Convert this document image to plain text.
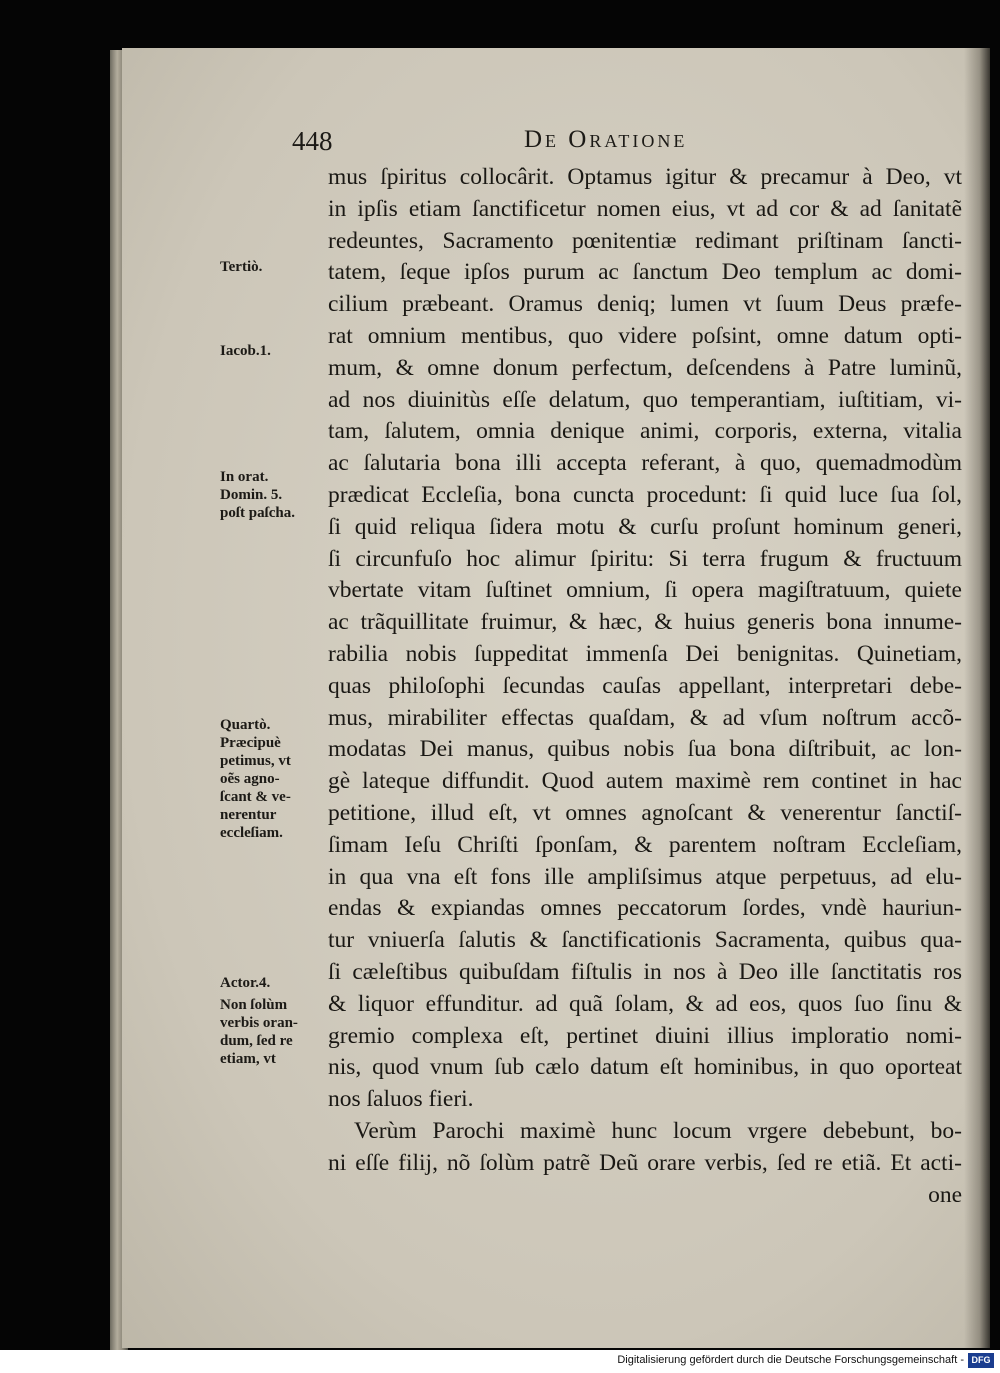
448	De Oratione
Tertiò.
Iacob.1.
In orat.
Domin. 5.
poſt paſcha.
Quartò.
Præcipuè
petimus, vt
oẽs agno-
ſcant & ve-
nerentur
eccleſiam.
Actor.4.
Non ſolùm
verbis oran-
dum, ſed re
etiam, vt
mus ſpiritus collocârit. Optamus igitur & precamur à Deo, vt
in ipſis etiam ſanctificetur nomen eius, vt ad cor & ad ſanitatẽ
redeuntes, Sacramento pœnitentiæ redimant priſtinam ſancti-
tatem, ſeque ipſos purum ac ſanctum Deo templum ac domi-
cilium præbeant. Oramus deniq; lumen vt ſuum Deus præfe-
rat omnium mentibus, quo videre poſsint, omne datum opti-
mum, & omne donum perfectum, deſcendens à Patre luminũ,
ad nos diuinitùs eſſe delatum, quo temperantiam, iuſtitiam, vi-
tam, ſalutem, omnia denique animi, corporis, externa, vitalia
ac ſalutaria bona illi accepta referant, à quo, quemadmodùm
prædicat Eccleſia, bona cuncta procedunt: ſi quid luce ſua ſol,
ſi quid reliqua ſidera motu & curſu proſunt hominum generi,
ſi circunfuſo hoc alimur ſpiritu: Si terra frugum & fructuum
vbertate vitam ſuſtinet omnium, ſi opera magiſtratuum, quiete
ac trãquillitate fruimur, & hæc, & huius generis bona innume-
rabilia nobis ſuppeditat immenſa Dei benignitas. Quinetiam,
quas philoſophi ſecundas cauſas appellant, interpretari debe-
mus, mirabiliter effectas quaſdam, & ad vſum noſtrum accõ-
modatas Dei manus, quibus nobis ſua bona diſtribuit, ac lon-
gè lateque diffundit. Quod autem maximè rem continet in hac
petitione, illud eſt, vt omnes agnoſcant & venerentur ſanctiſ-
ſimam Ieſu Chriſti ſponſam, & parentem noſtram Eccleſiam,
in qua vna eſt fons ille ampliſsimus atque perpetuus, ad elu-
endas & expiandas omnes peccatorum ſordes, vndè hauriun-
tur vniuerſa ſalutis & ſanctificationis Sacramenta, quibus qua-
ſi cæleſtibus quibuſdam fiſtulis in nos à Deo ille ſanctitatis ros
& liquor effunditur. ad quã ſolam, & ad eos, quos ſuo ſinu &
gremio complexa eſt, pertinet diuini illius imploratio nomi-
nis, quod vnum ſub cælo datum eſt hominibus, in quo oporteat
nos ſaluos fieri.
Verùm Parochi maximè hunc locum vrgere debebunt, bo-
ni eſſe filij, nõ ſolùm patrẽ Deũ orare verbis, ſed re etiã. Et acti-
one
Digitalisierung gefördert durch die Deutsche Forschungsgemeinschaft - DFG
